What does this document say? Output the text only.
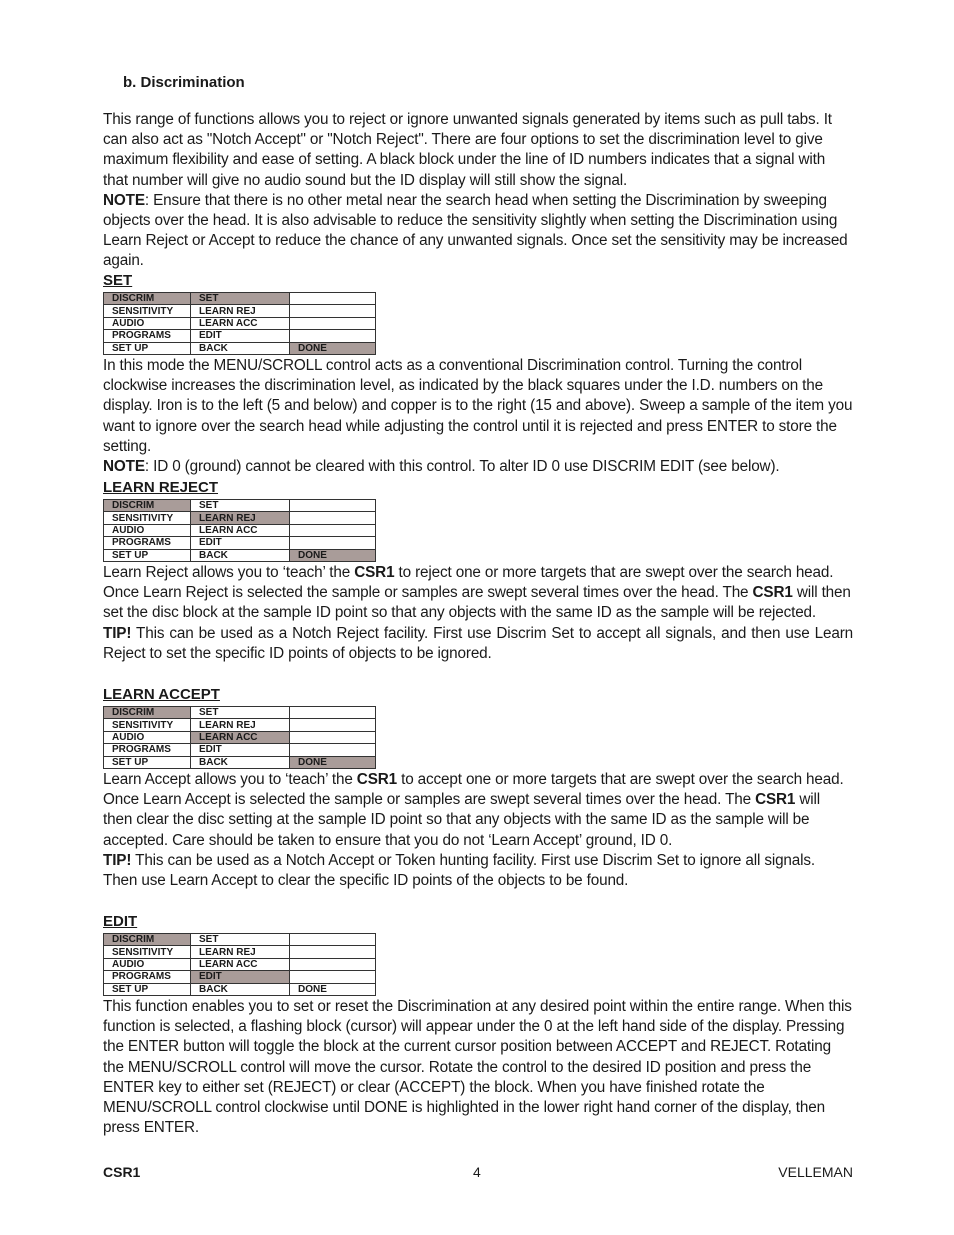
b. Discrimination

This range of functions allows you to reject or ignore unwanted signals generated by items such as pull tabs. It can also act as "Notch Accept" or "Notch Reject". There are four options to set the discrimination level to give maximum flexibility and ease of setting. A black block under the line of ID numbers indicates that a signal with that number will give no audio sound but the ID display will still show the signal.
NOTE: Ensure that there is no other metal near the search head when setting the Discrimination by sweeping objects over the head. It is also advisable to reduce the sensitivity slightly when setting the Discrimination using Learn Reject or Accept to reduce the chance of any unwanted signals. Once set the sensitivity may be increased again.

SET

DISCRIM	SET	
SENSITIVITY	LEARN REJ	
AUDIO	LEARN ACC	
PROGRAMS	EDIT	
SET UP	BACK	DONE

In this mode the MENU/SCROLL control acts as a conventional Discrimination control. Turning the control clockwise increases the discrimination level, as indicated by the black squares under the I.D. numbers on the display. Iron is to the left (5 and below) and copper is to the right (15 and above). Sweep a sample of the item you want to ignore over the search head while adjusting the control until it is rejected and press ENTER to store the setting.
NOTE: ID 0 (ground) cannot be cleared with this control. To alter ID 0 use DISCRIM EDIT (see below).

LEARN REJECT

DISCRIM	SET	
SENSITIVITY	LEARN REJ	
AUDIO	LEARN ACC	
PROGRAMS	EDIT	
SET UP	BACK	DONE

Learn Reject allows you to ‘teach’ the CSR1 to reject one or more targets that are swept over the search head. Once Learn Reject is selected the sample or samples are swept several times over the head. The CSR1 will then set the disc block at the sample ID point so that any objects with the same ID as the sample will be rejected.

TIP! This can be used as a Notch Reject facility. First use Discrim Set to accept all signals, and then use Learn Reject to set the specific ID points of objects to be ignored.

LEARN ACCEPT

DISCRIM	SET	
SENSITIVITY	LEARN REJ	
AUDIO	LEARN ACC	
PROGRAMS	EDIT	
SET UP	BACK	DONE

Learn Accept allows you to ‘teach’ the CSR1 to accept one or more targets that are swept over the search head. Once Learn Accept is selected the sample or samples are swept several times over the head. The CSR1 will then clear the disc setting at the sample ID point so that any objects with the same ID as the sample will be accepted. Care should be taken to ensure that you do not ‘Learn Accept’ ground, ID 0.

TIP! This can be used as a Notch Accept or Token hunting facility. First use Discrim Set to ignore all signals. Then use Learn Accept to clear the specific ID points of the objects to be found.

EDIT

DISCRIM	SET	
SENSITIVITY	LEARN REJ	
AUDIO	LEARN ACC	
PROGRAMS	EDIT	
SET UP	BACK	DONE

This function enables you to set or reset the Discrimination at any desired point within the entire range. When this function is selected, a flashing block (cursor) will appear under the 0 at the left hand side of the display. Pressing the ENTER button will toggle the block at the current cursor position between ACCEPT and REJECT. Rotating the MENU/SCROLL control will move the cursor. Rotate the control to the desired ID position and press the ENTER key to either set (REJECT) or clear (ACCEPT) the block. When you have finished rotate the MENU/SCROLL control clockwise until DONE is highlighted in the lower right hand corner of the display, then press ENTER.

CSR1	4	VELLEMAN
